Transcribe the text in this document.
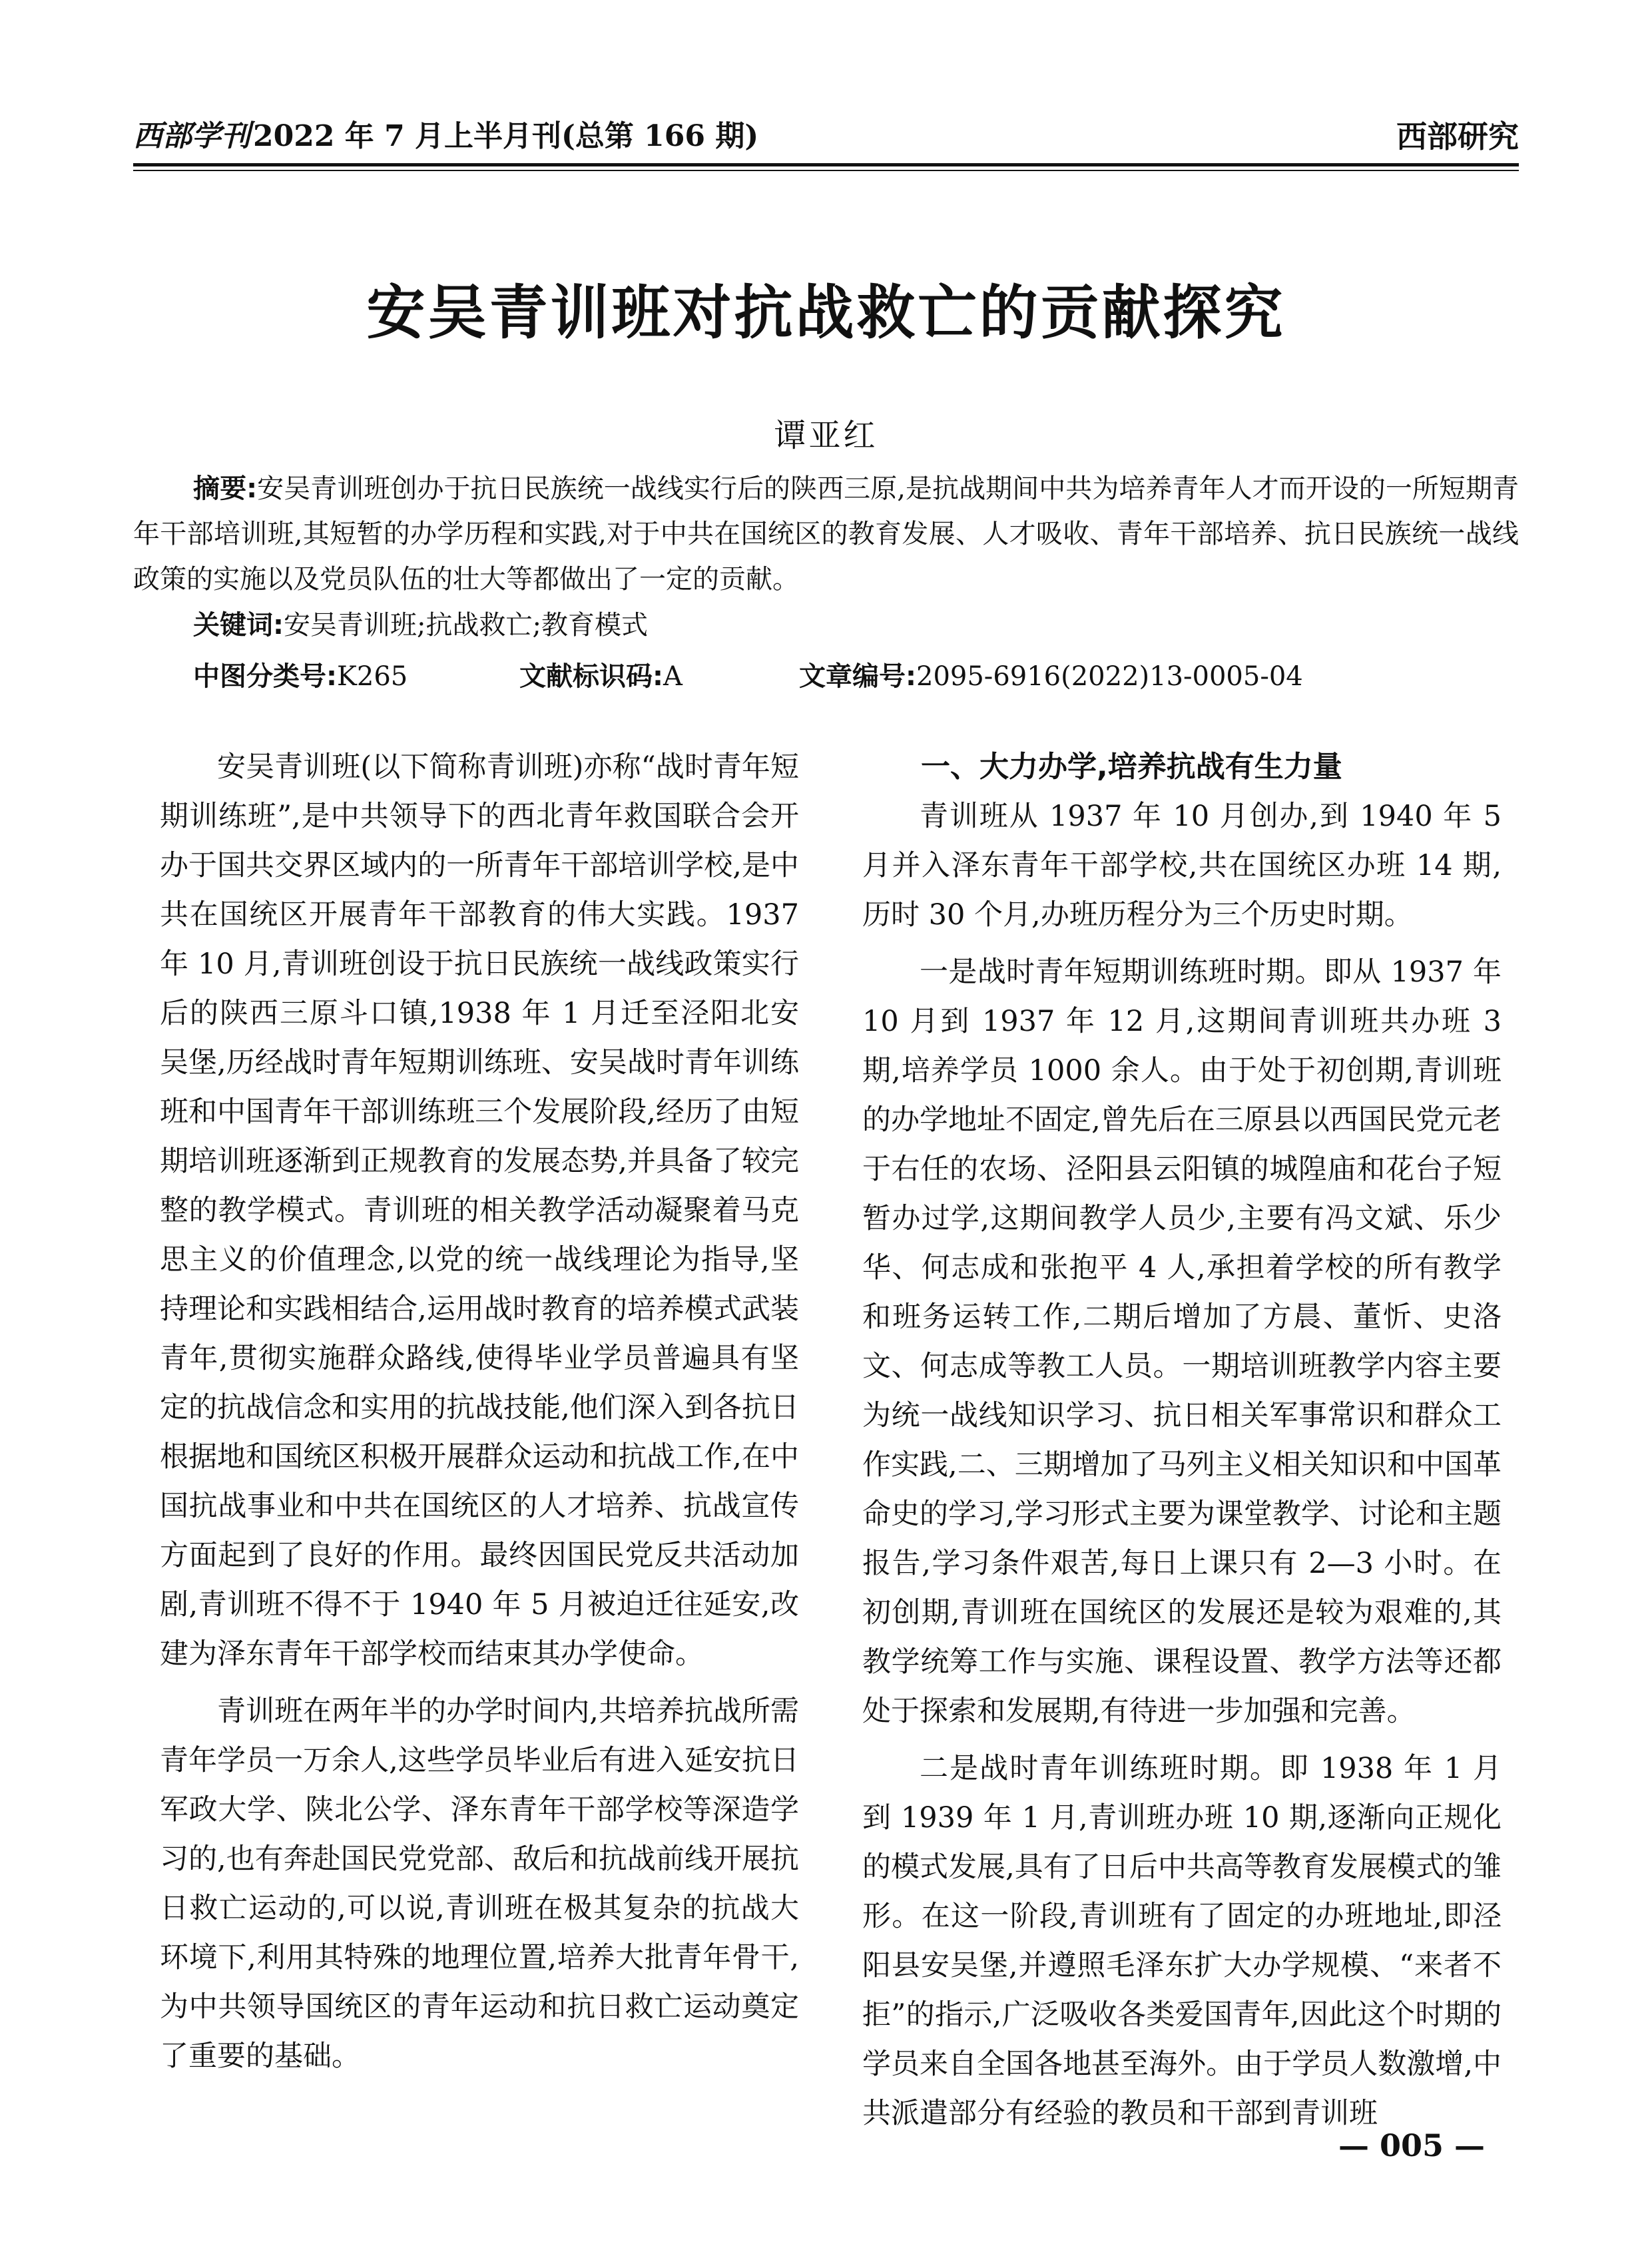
西部学刊2022 年 7 月上半月刊(总第 166 期)	西部研究
安吴青训班对抗战救亡的贡献探究
谭亚红
摘要:安吴青训班创办于抗日民族统一战线实行后的陕西三原,是抗战期间中共为培养青年人才而开设的一所短期青年干部培训班,其短暂的办学历程和实践,对于中共在国统区的教育发展、人才吸收、青年干部培养、抗日民族统一战线政策的实施以及党员队伍的壮大等都做出了一定的贡献。
关键词:安吴青训班;抗战救亡;教育模式
中图分类号:K265	文献标识码:A	文章编号:2095-6916(2022)13-0005-04

安吴青训班(以下简称青训班)亦称“战时青年短期训练班”,是中共领导下的西北青年救国联合会开办于国共交界区域内的一所青年干部培训学校,是中共在国统区开展青年干部教育的伟大实践。1937 年 10 月,青训班创设于抗日民族统一战线政策实行后的陕西三原斗口镇,1938 年 1 月迁至泾阳北安吴堡,历经战时青年短期训练班、安吴战时青年训练班和中国青年干部训练班三个发展阶段,经历了由短期培训班逐渐到正规教育的发展态势,并具备了较完整的教学模式。青训班的相关教学活动凝聚着马克思主义的价值理念,以党的统一战线理论为指导,坚持理论和实践相结合,运用战时教育的培养模式武装青年,贯彻实施群众路线,使得毕业学员普遍具有坚定的抗战信念和实用的抗战技能,他们深入到各抗日根据地和国统区积极开展群众运动和抗战工作,在中国抗战事业和中共在国统区的人才培养、抗战宣传方面起到了良好的作用。最终因国民党反共活动加剧,青训班不得不于 1940 年 5 月被迫迁往延安,改建为泽东青年干部学校而结束其办学使命。

青训班在两年半的办学时间内,共培养抗战所需青年学员一万余人,这些学员毕业后有进入延安抗日军政大学、陕北公学、泽东青年干部学校等深造学习的,也有奔赴国民党党部、敌后和抗战前线开展抗日救亡运动的,可以说,青训班在极其复杂的抗战大环境下,利用其特殊的地理位置,培养大批青年骨干,为中共领导国统区的青年运动和抗日救亡运动奠定了重要的基础。

一、大力办学,培养抗战有生力量

青训班从 1937 年 10 月创办,到 1940 年 5 月并入泽东青年干部学校,共在国统区办班 14 期,历时 30 个月,办班历程分为三个历史时期。

一是战时青年短期训练班时期。即从 1937 年 10 月到 1937 年 12 月,这期间青训班共办班 3 期,培养学员 1000 余人。由于处于初创期,青训班的办学地址不固定,曾先后在三原县以西国民党元老于右任的农场、泾阳县云阳镇的城隍庙和花台子短暂办过学,这期间教学人员少,主要有冯文斌、乐少华、何志成和张抱平 4 人,承担着学校的所有教学和班务运转工作,二期后增加了方晨、董忻、史洛文、何志成等教工人员。一期培训班教学内容主要为统一战线知识学习、抗日相关军事常识和群众工作实践,二、三期增加了马列主义相关知识和中国革命史的学习,学习形式主要为课堂教学、讨论和主题报告,学习条件艰苦,每日上课只有 2—3 小时。在初创期,青训班在国统区的发展还是较为艰难的,其教学统筹工作与实施、课程设置、教学方法等还都处于探索和发展期,有待进一步加强和完善。

二是战时青年训练班时期。即 1938 年 1 月到 1939 年 1 月,青训班办班 10 期,逐渐向正规化的模式发展,具有了日后中共高等教育发展模式的雏形。在这一阶段,青训班有了固定的办班地址,即泾阳县安吴堡,并遵照毛泽东扩大办学规模、“来者不拒”的指示,广泛吸收各类爱国青年,因此这个时期的学员来自全国各地甚至海外。由于学员人数激增,中共派遣部分有经验的教员和干部到青训班

— 005 —
